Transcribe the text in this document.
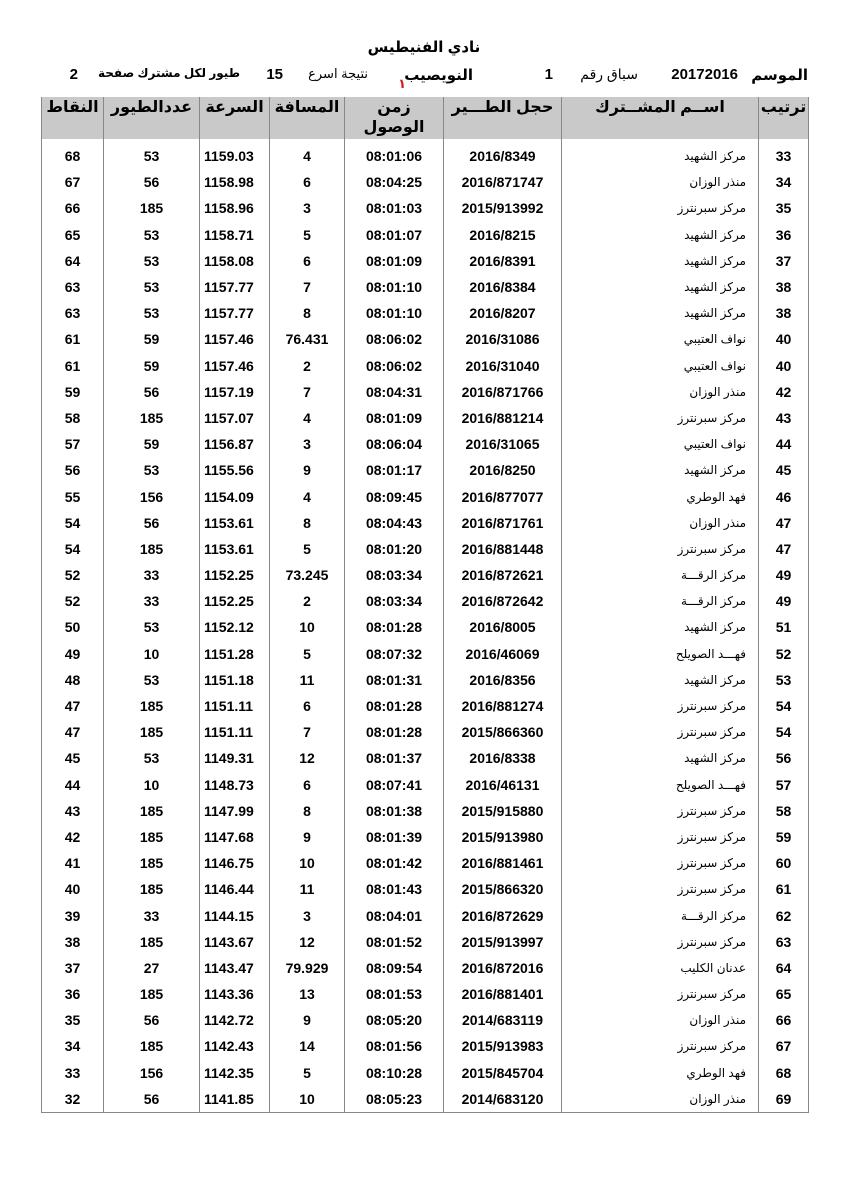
نادي الفنيطيس
الموسم
20172016
سباق رقم
1
النويصيب
١
نتيجة اسرع
15
طيور لكل مشترك صفحة
2
ترتيب	اســم المشــترك	حجل الطـــير	زمن الوصول	المسافة	السرعة	عددالطيور	النقاط

33	مركز الشهيد	2016/8349	08:01:06	4	1159.03	53	68
34	منذر الوزان	2016/871747	08:04:25	6	1158.98	56	67
35	مركز سبرنترز	2015/913992	08:01:03	3	1158.96	185	66
36	مركز الشهيد	2016/8215	08:01:07	5	1158.71	53	65
37	مركز الشهيد	2016/8391	08:01:09	6	1158.08	53	64
38	مركز الشهيد	2016/8384	08:01:10	7	1157.77	53	63
38	مركز الشهيد	2016/8207	08:01:10	8	1157.77	53	63
40	نواف العتيبي	2016/31086	08:06:02	76.431	1157.46	59	61
40	نواف العتيبي	2016/31040	08:06:02	2	1157.46	59	61
42	منذر الوزان	2016/871766	08:04:31	7	1157.19	56	59
43	مركز سبرنترز	2016/881214	08:01:09	4	1157.07	185	58
44	نواف العتيبي	2016/31065	08:06:04	3	1156.87	59	57
45	مركز الشهيد	2016/8250	08:01:17	9	1155.56	53	56
46	فهد الوطري	2016/877077	08:09:45	4	1154.09	156	55
47	منذر الوزان	2016/871761	08:04:43	8	1153.61	56	54
47	مركز سبرنترز	2016/881448	08:01:20	5	1153.61	185	54
49	مركز الرقـــة	2016/872621	08:03:34	73.245	1152.25	33	52
49	مركز الرقـــة	2016/872642	08:03:34	2	1152.25	33	52
51	مركز الشهيد	2016/8005	08:01:28	10	1152.12	53	50
52	فهـــد الصويلح	2016/46069	08:07:32	5	1151.28	10	49
53	مركز الشهيد	2016/8356	08:01:31	11	1151.18	53	48
54	مركز سبرنترز	2016/881274	08:01:28	6	1151.11	185	47
54	مركز سبرنترز	2015/866360	08:01:28	7	1151.11	185	47
56	مركز الشهيد	2016/8338	08:01:37	12	1149.31	53	45
57	فهـــد الصويلح	2016/46131	08:07:41	6	1148.73	10	44
58	مركز سبرنترز	2015/915880	08:01:38	8	1147.99	185	43
59	مركز سبرنترز	2015/913980	08:01:39	9	1147.68	185	42
60	مركز سبرنترز	2016/881461	08:01:42	10	1146.75	185	41
61	مركز سبرنترز	2015/866320	08:01:43	11	1146.44	185	40
62	مركز الرقـــة	2016/872629	08:04:01	3	1144.15	33	39
63	مركز سبرنترز	2015/913997	08:01:52	12	1143.67	185	38
64	عدنان الكليب	2016/872016	08:09:54	79.929	1143.47	27	37
65	مركز سبرنترز	2016/881401	08:01:53	13	1143.36	185	36
66	منذر الوزان	2014/683119	08:05:20	9	1142.72	56	35
67	مركز سبرنترز	2015/913983	08:01:56	14	1142.43	185	34
68	فهد الوطري	2015/845704	08:10:28	5	1142.35	156	33
69	منذر الوزان	2014/683120	08:05:23	10	1141.85	56	32
